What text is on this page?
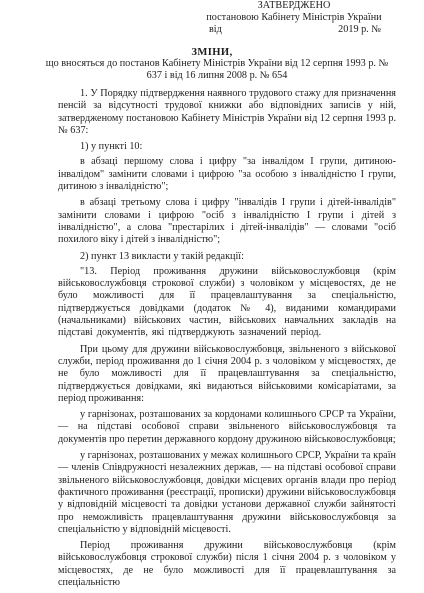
ЗАТВЕРДЖЕНО
постановою Кабінету Міністрів України
від	2019 р. №
ЗМІНИ,
що вносяться до постанов Кабінету Міністрів України від 12 серпня 1993 р. № 637 і від 16 липня 2008 р. № 654

1. У Порядку підтвердження наявного трудового стажу для призначення пенсій за відсутності трудової книжки або відповідних записів у ній, затвердженому постановою Кабінету Міністрів України від 12 серпня 1993 р. № 637:

1) у пункті 10:

в абзаці першому слова і цифру "за інвалідом І групи, дитиною-інвалідом" замінити словами і цифрою "за особою з інвалідністю І групи, дитиною з інвалідністю";

в абзаці третьому слова і цифру "інвалідів І групи і дітей-інвалідів" замінити словами і цифрою "осіб з інвалідністю І групи і дітей з інвалідністю", а слова "престарілих і дітей-інвалідів" — словами "осіб похилого віку і дітей з інвалідністю";

2) пункт 13 викласти у такій редакції:

"13. Період проживання дружини військовослужбовця (крім військовослужбовця строкової служби) з чоловіком у місцевостях, де не було можливості для її працевлаштування за спеціальністю, підтверджується довідками (додаток № 4), виданими командирами (начальниками) військових частин, військових навчальних закладів на підставі документів, які підтверджують зазначений період.

При цьому для дружини військовослужбовця, звільненого з військової служби, період проживання до 1 січня 2004 р. з чоловіком у місцевостях, де не було можливості для її працевлаштування за спеціальністю, підтверджується довідками, які видаються військовими комісаріатами, за період проживання:

у гарнізонах, розташованих за кордонами колишнього СРСР та України, — на підставі особової справи звільненого військовослужбовця та документів про перетин державного кордону дружиною військовослужбовця;

у гарнізонах, розташованих у межах колишнього СРСР, України та країн — членів Співдружності незалежних держав, — на підставі особової справи звільненого військовослужбовця, довідки місцевих органів влади про період фактичного проживання (реєстрації, прописки) дружини військовослужбовця у відповідній місцевості та довідки установи державної служби зайнятості про неможливість працевлаштування дружини військовослужбовця за спеціальністю у відповідній місцевості.

Період проживання дружини військовослужбовця (крім військовослужбовця строкової служби) після 1 січня 2004 р. з чоловіком у місцевостях, де не було можливості для її працевлаштування за спеціальністю
